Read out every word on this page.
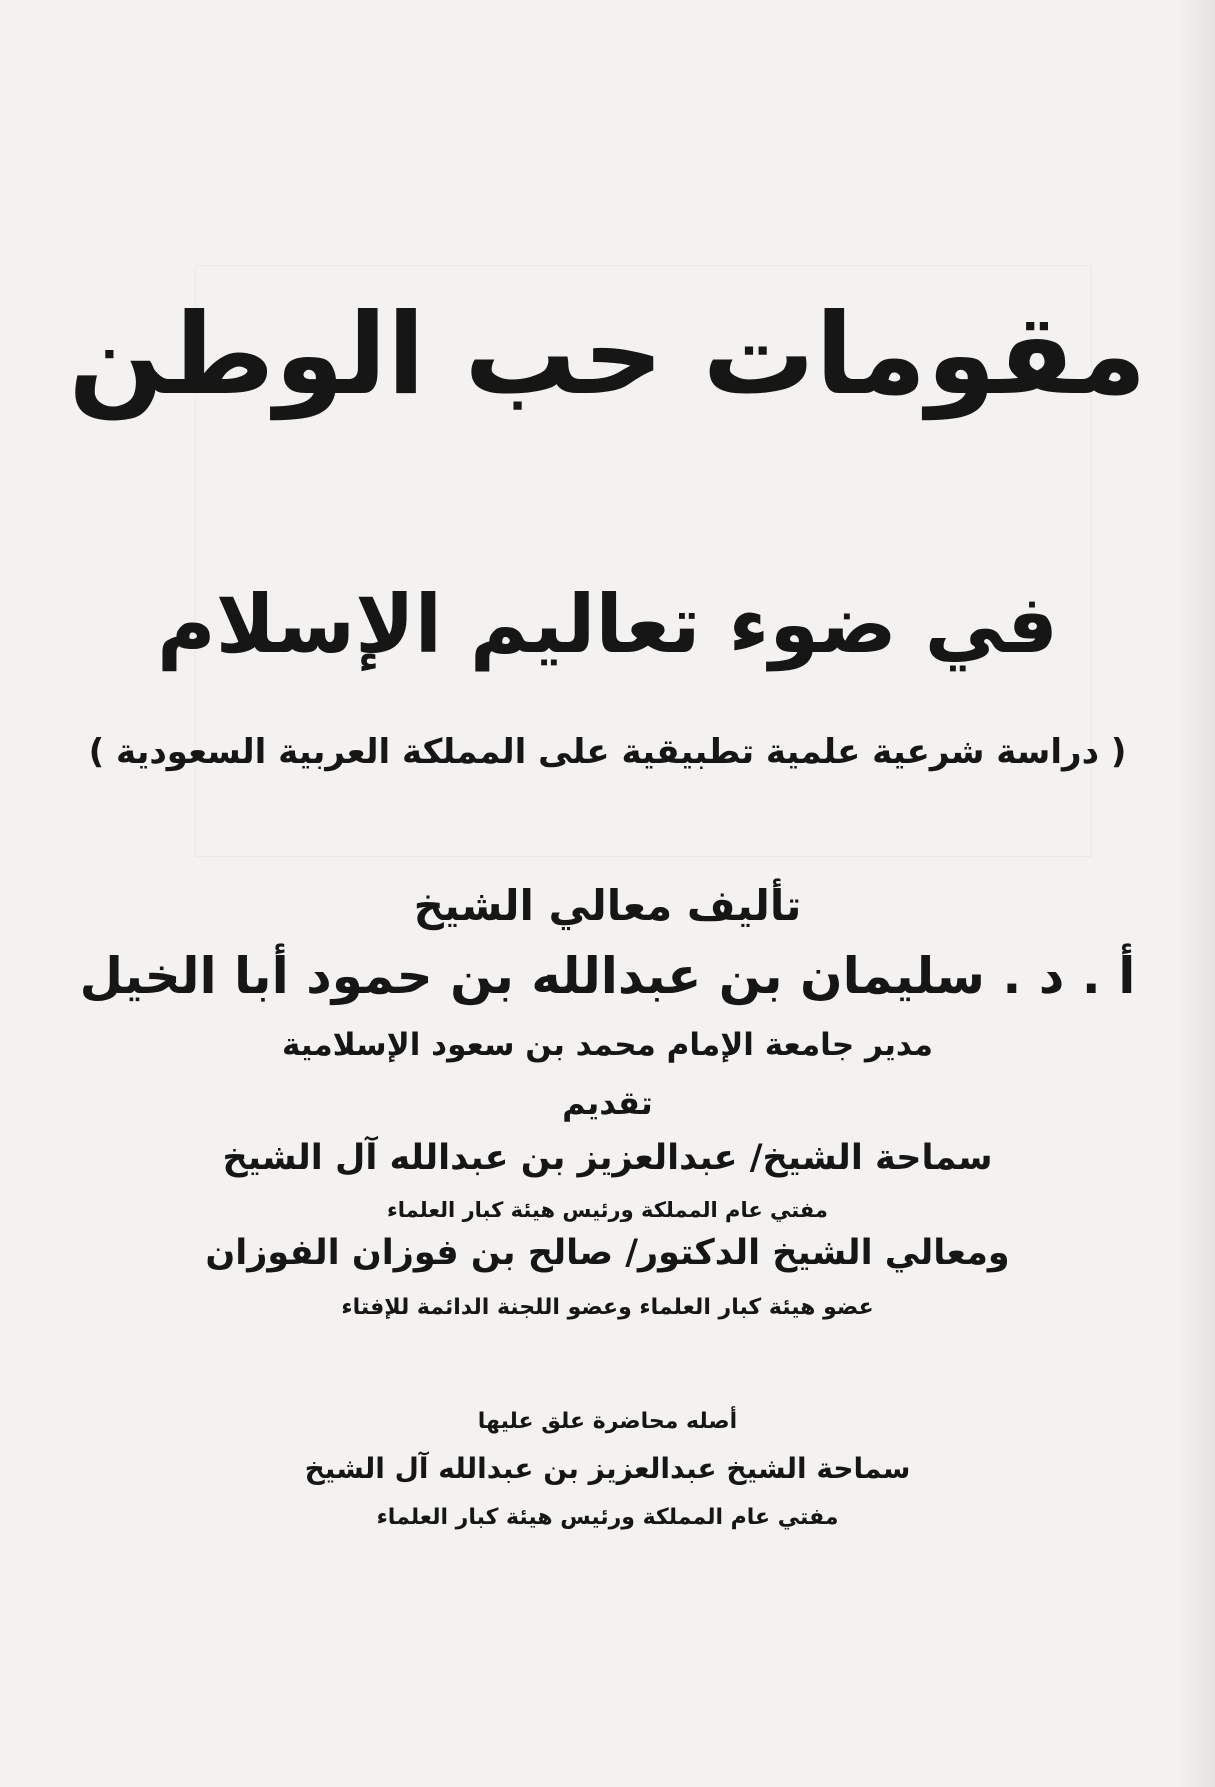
مقومات حب الوطن
في ضوء تعاليم الإسلام
( دراسة شرعية علمية تطبيقية على المملكة العربية السعودية )
تأليف معالي الشيخ
أ . د . سليمان بن عبدالله بن حمود أبا الخيل
مدير جامعة الإمام محمد بن سعود الإسلامية
تقديم
سماحة الشيخ/ عبدالعزيز بن عبدالله آل الشيخ
مفتي عام المملكة ورئيس هيئة كبار العلماء
ومعالي الشيخ الدكتور/ صالح بن فوزان الفوزان
عضو هيئة كبار العلماء وعضو اللجنة الدائمة للإفتاء
أصله محاضرة علق عليها
سماحة الشيخ عبدالعزيز بن عبدالله آل الشيخ
مفتي عام المملكة ورئيس هيئة كبار العلماء
